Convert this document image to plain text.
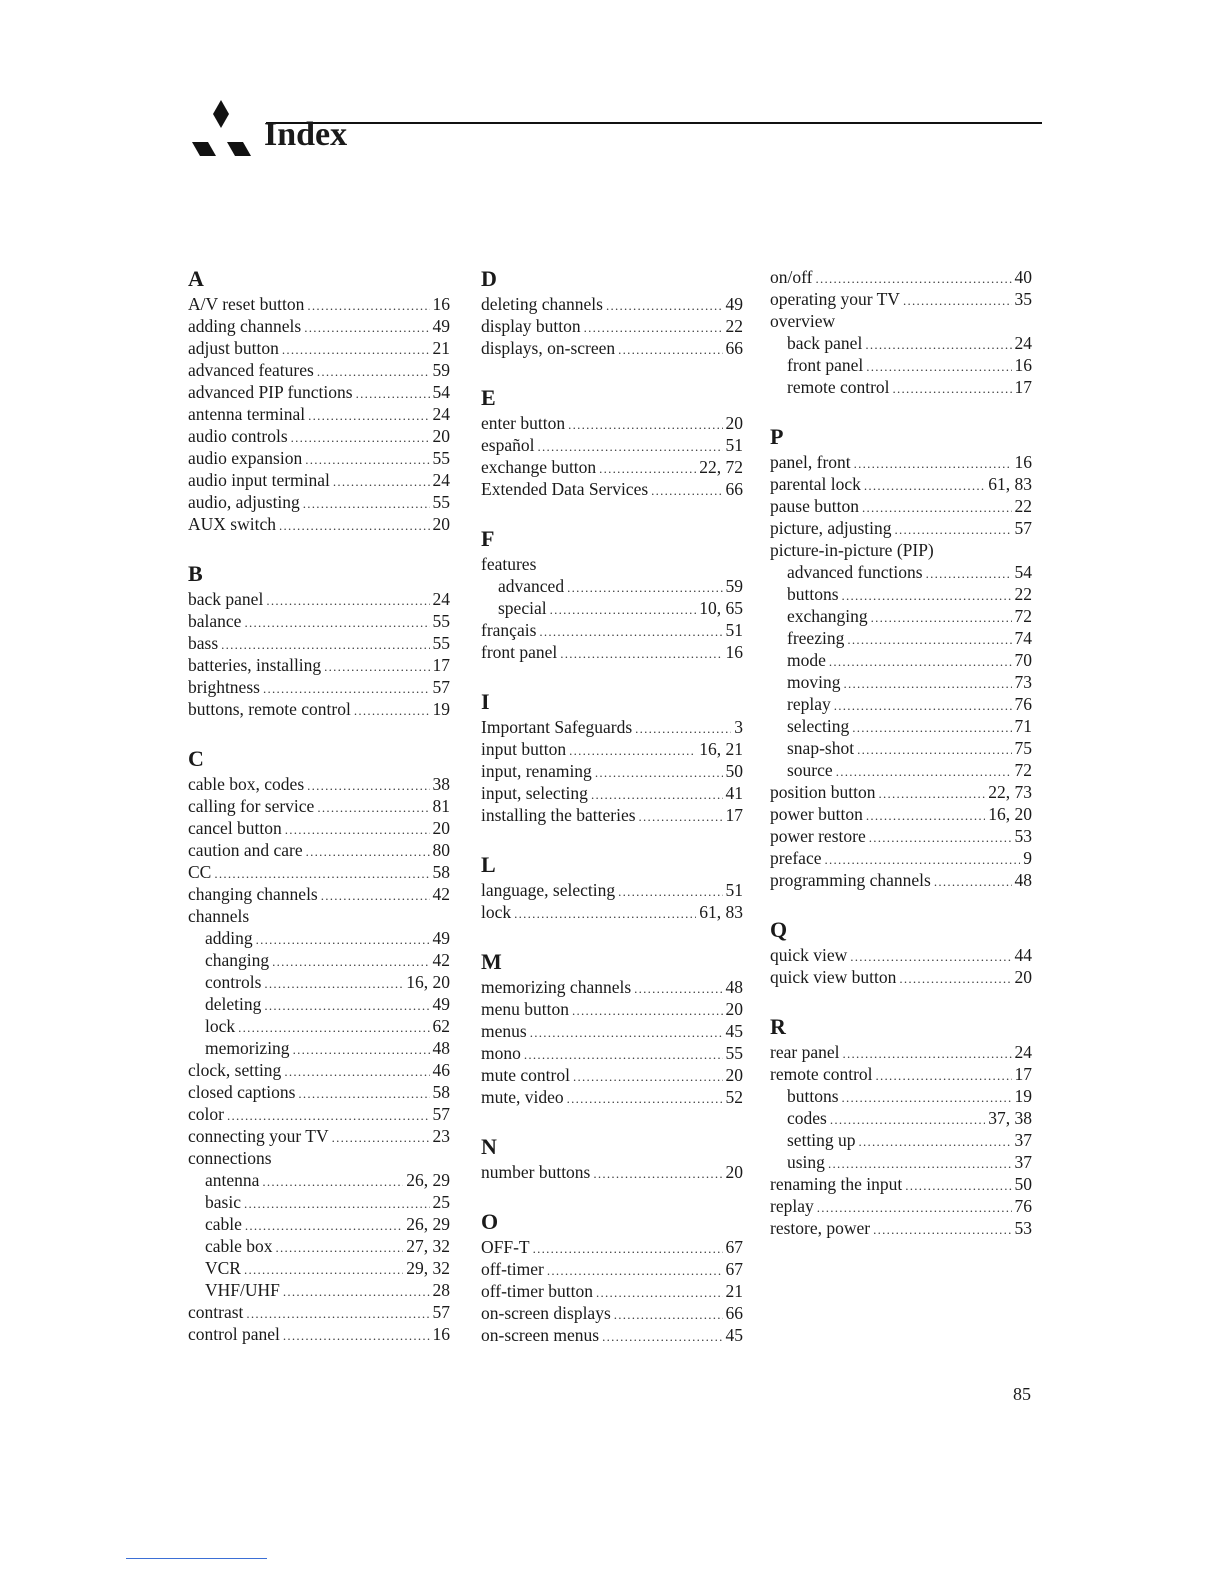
Index
A
A/V reset button . . .	16
adding channels . . .	49
adjust button . . .	21
advanced features . . .	59
advanced PIP functions . . .	54
antenna terminal . . .	24
audio controls . . .	20
audio expansion . . .	55
audio input terminal . . .	24
audio, adjusting . . .	55
AUX switch . . .	20
B
back panel . . .	24
balance . . .	55
bass . . .	55
batteries, installing . . .	17
brightness . . .	57
buttons, remote control . . .	19
C
cable box, codes . . .	38
calling for service . . .	81
cancel button . . .	20
caution and care . . .	80
CC . . .	58
changing channels . . .	42
channels
adding . . .	49
changing . . .	42
controls . . .	16, 20
deleting . . .	49
lock . . .	62
memorizing . . .	48
clock, setting . . .	46
closed captions . . .	58
color . . .	57
connecting your TV . . .	23
connections
antenna . . .	26, 29
basic . . .	25
cable . . .	26, 29
cable box . . .	27, 32
VCR . . .	29, 32
VHF/UHF . . .	28
contrast . . .	57
control panel . . .	16
D
deleting channels . . .	49
display button . . .	22
displays, on-screen . . .	66
E
enter button . . .	20
español . . .	51
exchange button . . .	22, 72
Extended Data Services . . .	66
F
features
advanced . . .	59
special . . .	10, 65
français . . .	51
front panel . . .	16
I
Important Safeguards . . .	3
input button . . .	16, 21
input, renaming . . .	50
input, selecting . . .	41
installing the batteries . . .	17
L
language, selecting . . .	51
lock . . .	61, 83
M
memorizing channels . . .	48
menu button . . .	20
menus . . .	45
mono . . .	55
mute control . . .	20
mute, video . . .	52
N
number buttons . . .	20
O
OFF-T . . .	67
off-timer . . .	67
off-timer button . . .	21
on-screen displays . . .	66
on-screen menus . . .	45
on/off . . .	40
operating your TV . . .	35
overview
back panel . . .	24
front panel . . .	16
remote control . . .	17
P
panel, front . . .	16
parental lock . . .	61, 83
pause button . . .	22
picture, adjusting . . .	57
picture-in-picture (PIP)
advanced functions . . .	54
buttons . . .	22
exchanging . . .	72
freezing . . .	74
mode . . .	70
moving . . .	73
replay . . .	76
selecting . . .	71
snap-shot . . .	75
source . . .	72
position button . . .	22, 73
power button . . .	16, 20
power restore . . .	53
preface . . .	9
programming channels . . .	48
Q
quick view . . .	44
quick view button . . .	20
R
rear panel . . .	24
remote control . . .	17
buttons . . .	19
codes . . .	37, 38
setting up . . .	37
using . . .	37
renaming the input . . .	50
replay . . .	76
restore, power . . .	53
85
